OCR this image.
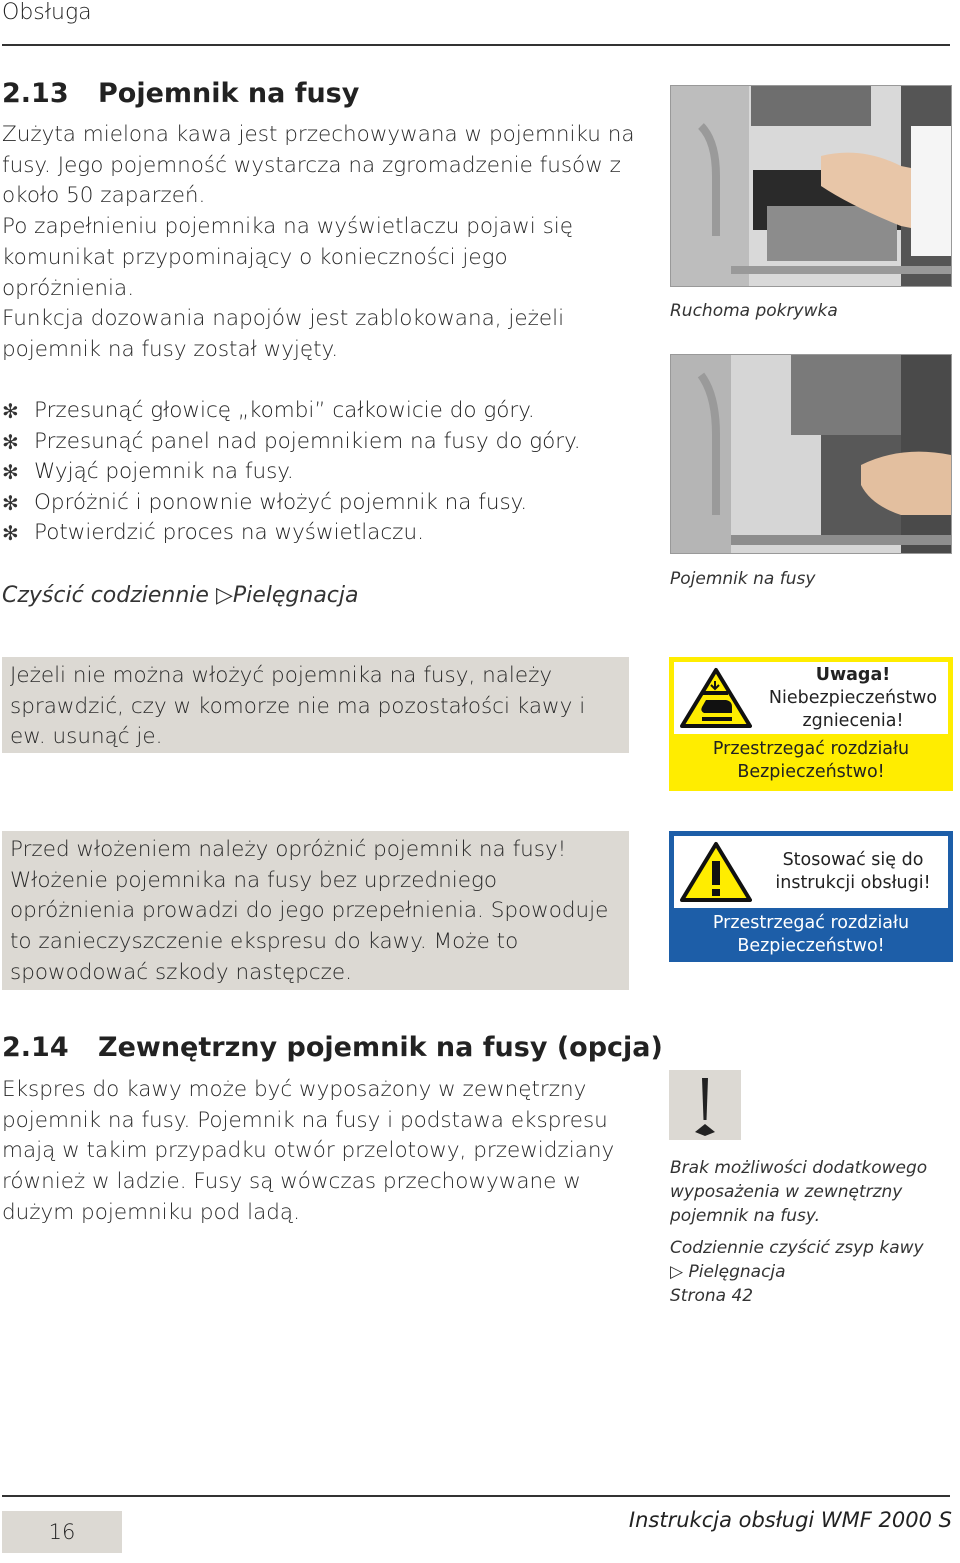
Obsługa
2.13 Pojemnik na fusy

Zużyta mielona kawa jest przechowywana w pojemniku na fusy. Jego pojemność wystarcza na zgromadzenie fusów z około 50 zaparzeń.

Po zapełnieniu pojemnika na wyświetlaczu pojawi się komunikat przypominający o konieczności jego opróżnienia.

Funkcja dozowania napojów jest zablokowana, jeżeli pojemnik na fusy został wyjęty.

✻ Przesunąć głowicę „kombi” całkowicie do góry.
✻ Przesunąć panel nad pojemnikiem na fusy do góry.
✻ Wyjąć pojemnik na fusy.
✻ Opróżnić i ponownie włożyć pojemnik na fusy.
✻ Potwierdzić proces na wyświetlaczu.
Czyścić codziennie ▷Pielęgnacja
Ruchoma pokrywka
Pojemnik na fusy

Jeżeli nie można włożyć pojemnika na fusy, należy sprawdzić, czy w komorze nie ma pozostałości kawy i ew. usunąć je.

Uwaga!
Niebezpieczeństwo
zgniecenia!
Przestrzegać rozdziału
Bezpieczeństwo!

Przed włożeniem należy opróżnić pojemnik na fusy! Włożenie pojemnika na fusy bez uprzedniego opróżnienia prowadzi do jego przepełnienia. Spowoduje to zanieczyszczenie ekspresu do kawy. Może to spowodować szkody następcze.

Stosować się do
instrukcji obsługi!
Przestrzegać rozdziału
Bezpieczeństwo!
2.14 Zewnętrzny pojemnik na fusy (opcja)

Ekspres do kawy może być wyposażony w zewnętrzny pojemnik na fusy. Pojemnik na fusy i podstawa ekspresu mają w takim przypadku otwór przelotowy, przewidziany również w ladzie. Fusy są wówczas przechowywane w dużym pojemniku pod ladą.

Brak możliwości dodatkowego wyposażenia w zewnętrzny pojemnik na fusy.
Codziennie czyścić zsyp kawy
▷ Pielęgnacja
Strona 42
16	Instrukcja obsługi WMF 2000 S
